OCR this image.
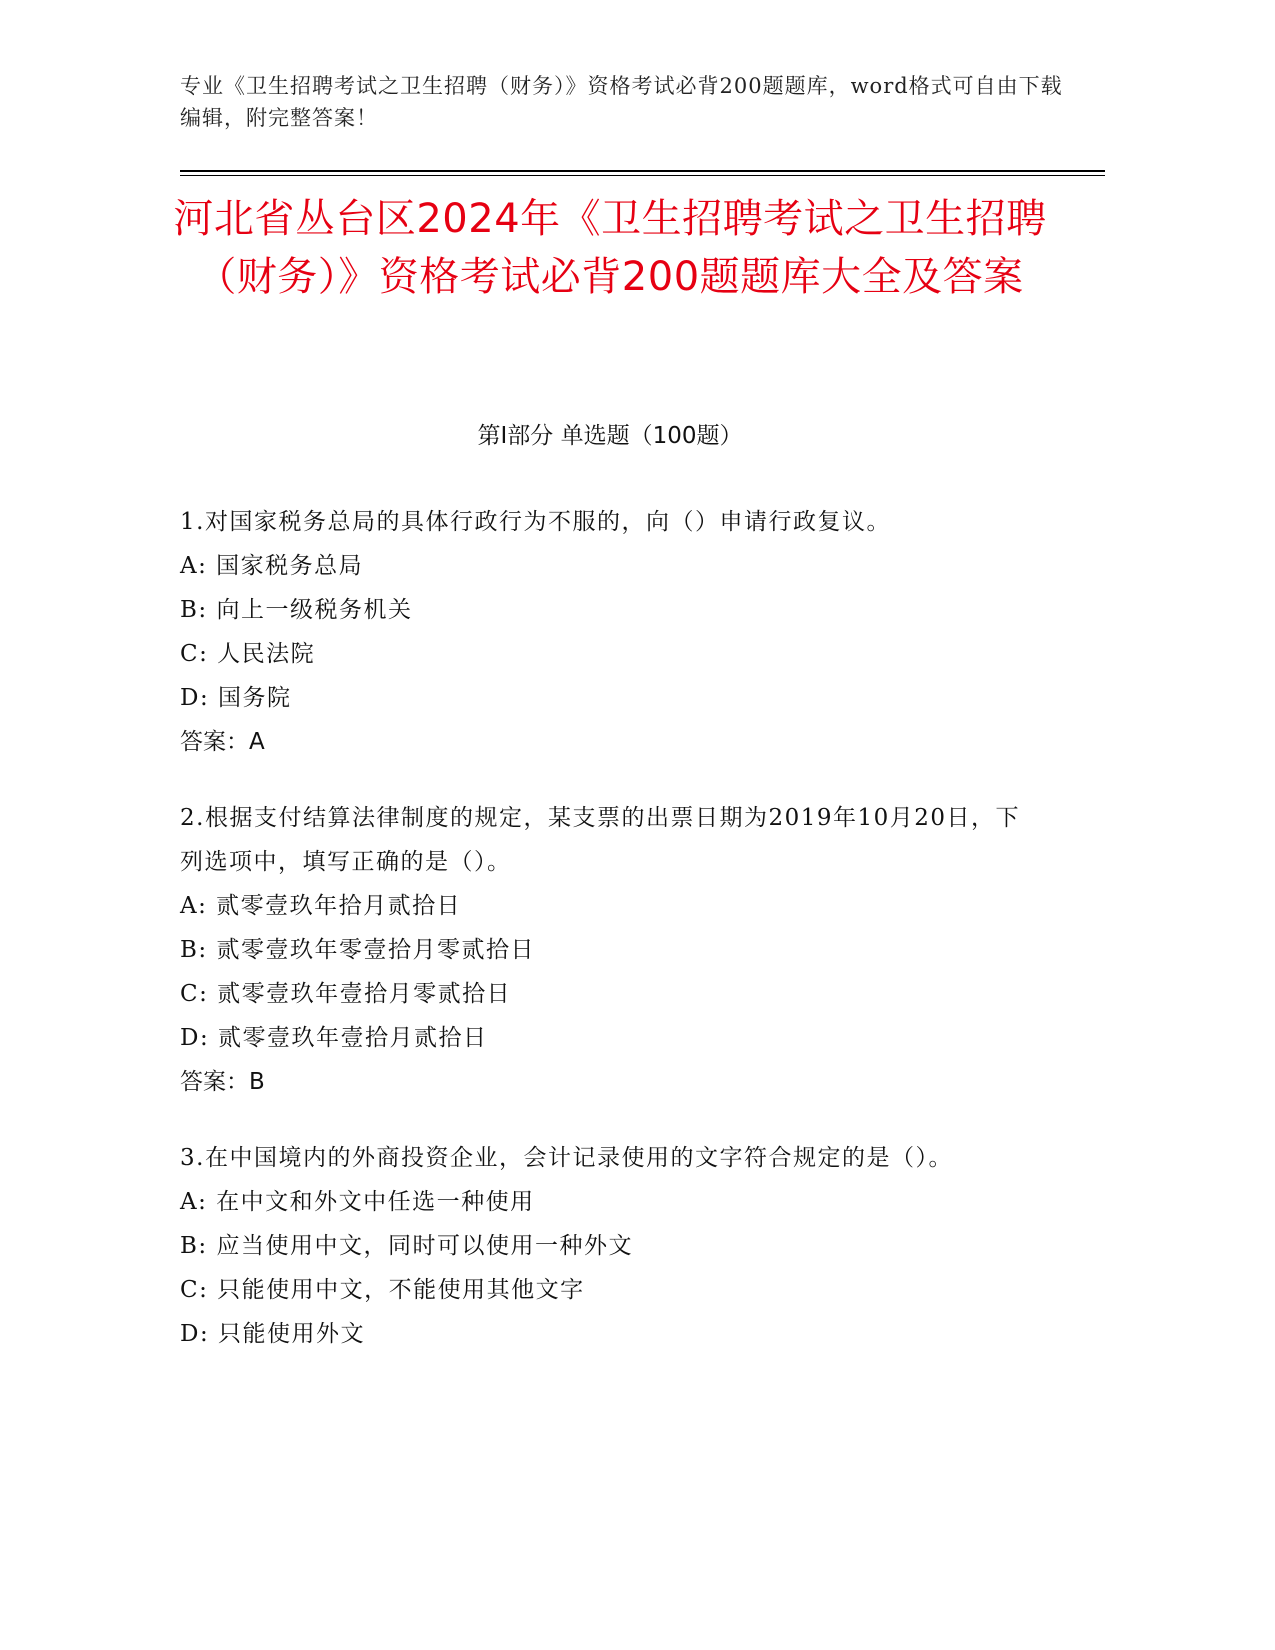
专业《卫生招聘考试之卫生招聘（财务）》资格考试必背200题题库，word格式可自由下载编辑，附完整答案！
河北省丛台区2024年《卫生招聘考试之卫生招聘（财务）》资格考试必背200题题库大全及答案
第Ⅰ部分 单选题（100题）
1.对国家税务总局的具体行政行为不服的，向（）申请行政复议。
A: 国家税务总局
B: 向上一级税务机关
C: 人民法院
D: 国务院
答案：A
2.根据支付结算法律制度的规定，某支票的出票日期为2019年10月20日，下列选项中，填写正确的是（）。
A: 贰零壹玖年拾月贰拾日
B: 贰零壹玖年零壹拾月零贰拾日
C: 贰零壹玖年壹拾月零贰拾日
D: 贰零壹玖年壹拾月贰拾日
答案：B
3.在中国境内的外商投资企业，会计记录使用的文字符合规定的是（）。
A: 在中文和外文中任选一种使用
B: 应当使用中文，同时可以使用一种外文
C: 只能使用中文，不能使用其他文字
D: 只能使用外文
